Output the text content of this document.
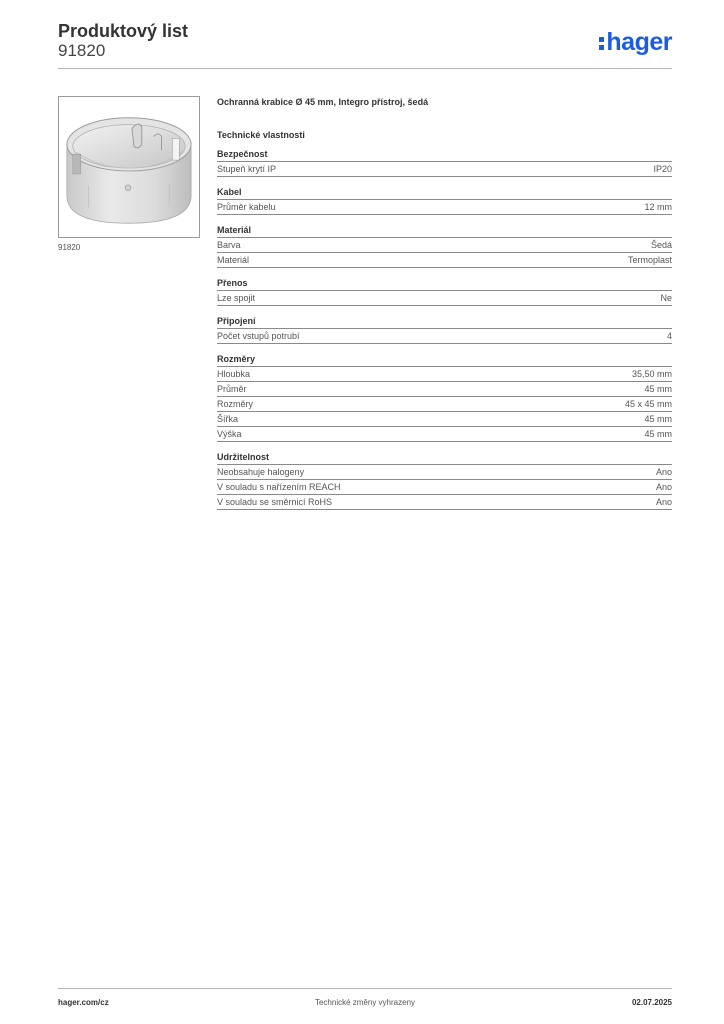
Produktový list
91820	hager
91820
Ochranná krabice Ø 45 mm, Integro přístroj, šedá
Technické vlastnosti
Bezpečnost
Stupeň krytí IP	IP20
Kabel
Průměr kabelu	12 mm
Materiál
Barva	Šedá
Materiál	Termoplast
Přenos
Lze spojit	Ne
Připojení
Počet vstupů potrubí	4
Rozměry
Hloubka	35,50 mm
Průměr	45 mm
Rozměry	45 x 45 mm
Šířka	45 mm
Výška	45 mm
Udržitelnost
Neobsahuje halogeny	Ano
V souladu s nařízením REACH	Ano
V souladu se směrnicí RoHS	Ano
hager.com/cz	Technické změny vyhrazeny	02.07.2025
